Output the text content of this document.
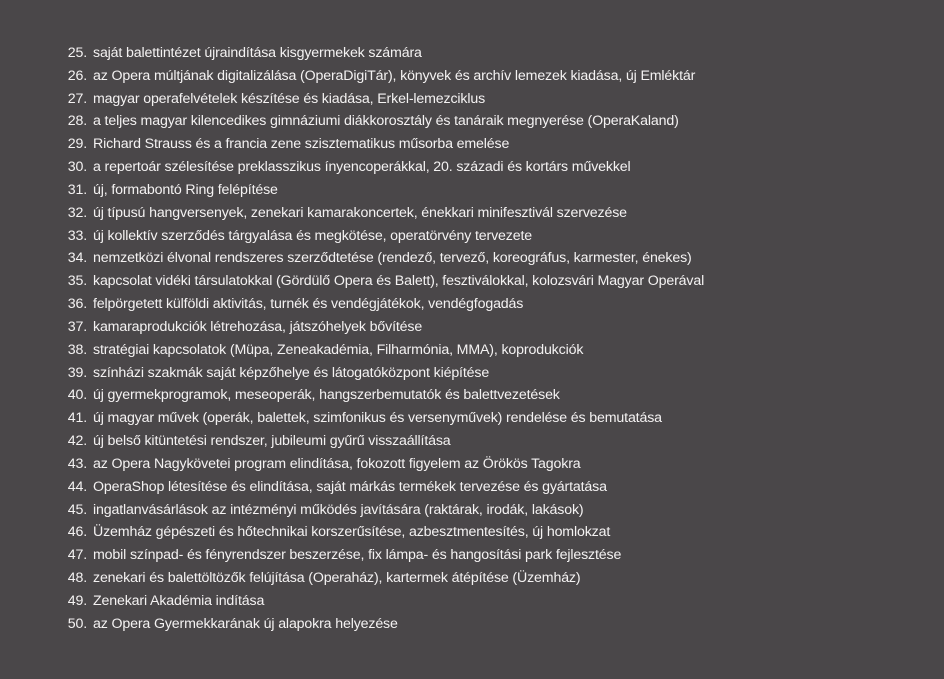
25. saját balettintézet újraindítása kisgyermekek számára
26. az Opera múltjának digitalizálása (OperaDigiTár), könyvek és archív lemezek kiadása, új Emléktár
27. magyar operafelvételek készítése és kiadása, Erkel-lemezciklus
28. a teljes magyar kilencedikes gimnáziumi diákkorosztály és tanáraik megnyerése (OperaKaland)
29. Richard Strauss és a francia zene szisztematikus műsorba emelése
30. a repertoár szélesítése preklasszikus ínyencoperákkal, 20. századi és kortárs művekkel
31. új, formabontó Ring felépítése
32. új típusú hangversenyek, zenekari kamarakoncertek, énekkari minifesztivál szervezése
33. új kollektív szerződés tárgyalása és megkötése, operatörvény tervezete
34. nemzetközi élvonal rendszeres szerződtetése (rendező, tervező, koreográfus, karmester, énekes)
35. kapcsolat vidéki társulatokkal (Gördülő Opera és Balett), fesztiválokkal, kolozsvári Magyar Operával
36. felpörgetett külföldi aktivitás, turnék és vendégjátékok, vendégfogadás
37. kamaraprodukciók létrehozása, játszóhelyek bővítése
38. stratégiai kapcsolatok (Müpa, Zeneakadémia, Filharmónia, MMA), koprodukciók
39. színházi szakmák saját képzőhelye és látogatóközpont kiépítése
40. új gyermekprogramok, meseoperák, hangszerbemutatók és balettvezetések
41. új magyar művek (operák, balettek, szimfonikus és versenyművek) rendelése és bemutatása
42. új belső kitüntetési rendszer, jubileumi gyűrű visszaállítása
43. az Opera Nagykövetei program elindítása, fokozott figyelem az Örökös Tagokra
44. OperaShop létesítése és elindítása, saját márkás termékek tervezése és gyártatása
45. ingatlanvásárlások az intézményi működés javítására (raktárak, irodák, lakások)
46. Üzemház gépészeti és hőtechnikai korszerűsítése, azbesztmentesítés, új homlokzat
47. mobil színpad- és fényrendszer beszerzése, fix lámpa- és hangosítási park fejlesztése
48. zenekari és balettöltözők felújítása (Operaház), kartermek átépítése (Üzemház)
49. Zenekari Akadémia indítása
50. az Opera Gyermekkarának új alapokra helyezése
